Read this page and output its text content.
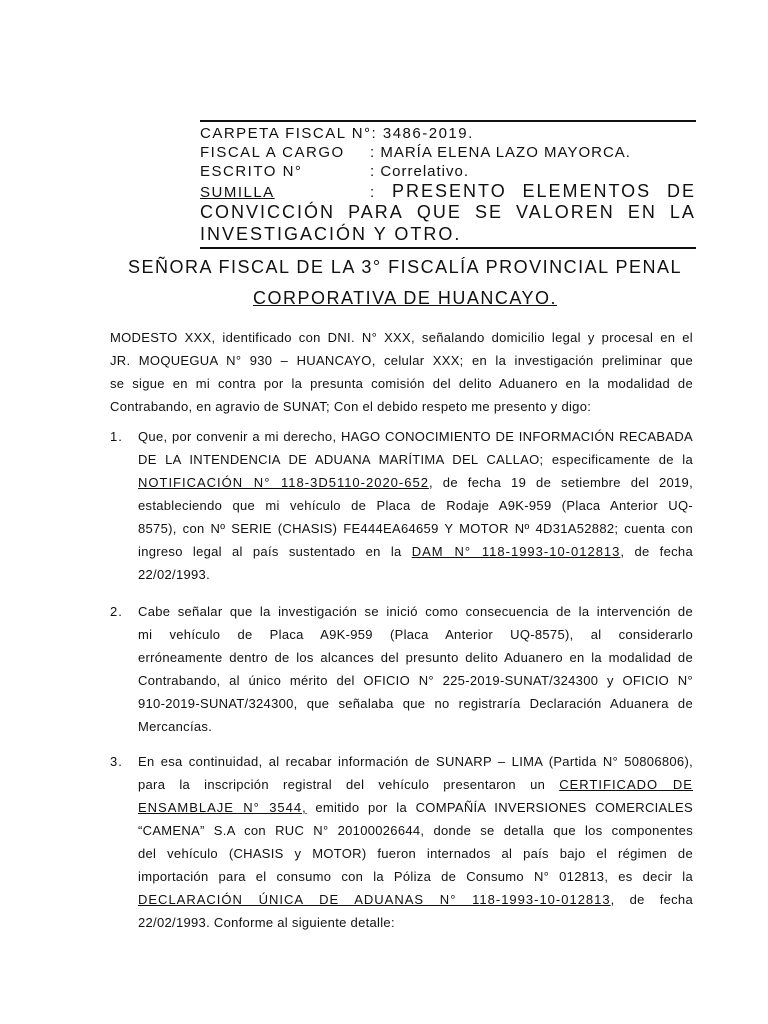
CARPETA FISCAL N°: 3486-2019.
FISCAL A CARGO	: MARÍA ELENA LAZO MAYORCA.
ESCRITO N°	: Correlativo.
SUMILLA	: PRESENTO ELEMENTOS DE
CONVICCIÓN PARA QUE SE VALOREN EN LA
INVESTIGACIÓN Y OTRO.
SEÑORA FISCAL DE LA 3° FISCALÍA PROVINCIAL PENAL
CORPORATIVA DE HUANCAYO.
MODESTO XXX, identificado con DNI. N° XXX, señalando domicilio legal y procesal en el
JR. MOQUEGUA N° 930 – HUANCAYO, celular XXX; en la investigación preliminar que
se sigue en mi contra por la presunta comisión del delito Aduanero en la modalidad de
Contrabando, en agravio de SUNAT; Con el debido respeto me presento y digo:
1. Que, por convenir a mi derecho, HAGO CONOCIMIENTO DE INFORMACIÓN RECABADA
DE LA INTENDENCIA DE ADUANA MARÍTIMA DEL CALLAO; especificamente de la
NOTIFICACIÓN N° 118-3D5110-2020-652, de fecha 19 de setiembre del 2019,
estableciendo que mi vehículo de Placa de Rodaje A9K-959 (Placa Anterior UQ-
8575), con Nº SERIE (CHASIS) FE444EA64659 Y MOTOR Nº 4D31A52882; cuenta con
ingreso legal al país sustentado en la DAM N° 118-1993-10-012813, de fecha
22/02/1993.
2. Cabe señalar que la investigación se inició como consecuencia de la intervención de
mi vehículo de Placa A9K-959 (Placa Anterior UQ-8575), al considerarlo
erróneamente dentro de los alcances del presunto delito Aduanero en la modalidad de
Contrabando, al único mérito del OFICIO N° 225-2019-SUNAT/324300 y OFICIO N°
910-2019-SUNAT/324300, que señalaba que no registraría Declaración Aduanera de
Mercancías.
3. En esa continuidad, al recabar información de SUNARP – LIMA (Partida N° 50806806),
para la inscripción registral del vehículo presentaron un CERTIFICADO DE
ENSAMBLAJE N° 3544, emitido por la COMPAÑÍA INVERSIONES COMERCIALES
“CAMENA” S.A con RUC N° 20100026644, donde se detalla que los componentes
del vehículo (CHASIS y MOTOR) fueron internados al país bajo el régimen de
importación para el consumo con la Póliza de Consumo N° 012813, es decir la
DECLARACIÓN ÚNICA DE ADUANAS N° 118-1993-10-012813, de fecha
22/02/1993. Conforme al siguiente detalle:
